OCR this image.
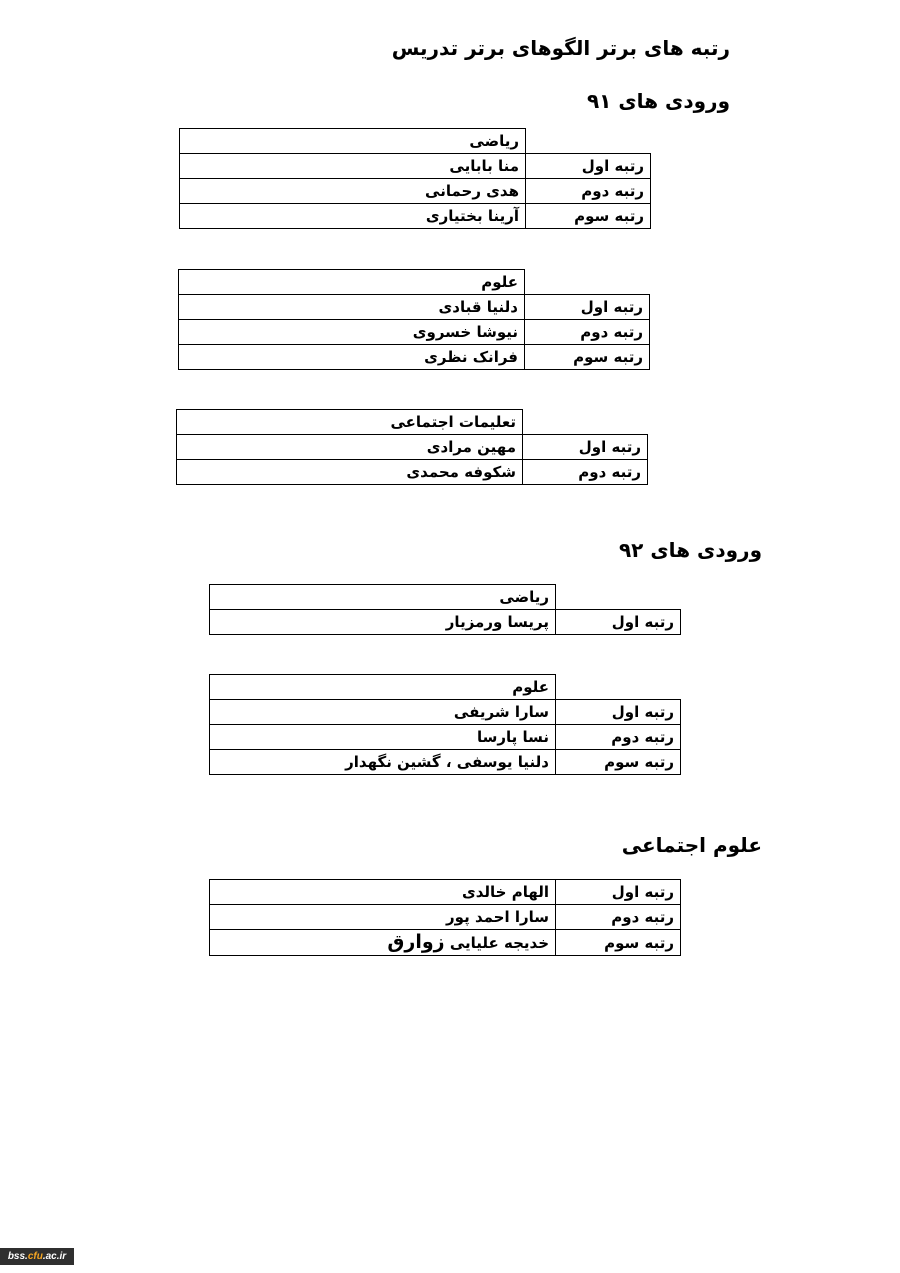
رتبه های برتر الگوهای برتر تدریس
ورودی های ۹۱
	ریاضی
رتبه اول	منا بابایی
رتبه دوم	هدی رحمانی
رتبه سوم	آرینا بختیاری
	علوم
رتبه اول	دلنیا قبادی
رتبه دوم	نیوشا خسروی
رتبه سوم	فرانک نظری
	تعلیمات اجتماعی
رتبه اول	مهین مرادی
رتبه دوم	شکوفه محمدی
ورودی های ۹۲
	ریاضی
رتبه اول	پریسا ورمزیار
	علوم
رتبه اول	سارا شریفی
رتبه دوم	نسا پارسا
رتبه سوم	دلنیا یوسفی ، گشین نگهدار
علوم اجتماعی
رتبه اول	الهام خالدی
رتبه دوم	سارا احمد پور
رتبه سوم	خدیجه علیایی زوارق
bss.cfu.ac.ir
